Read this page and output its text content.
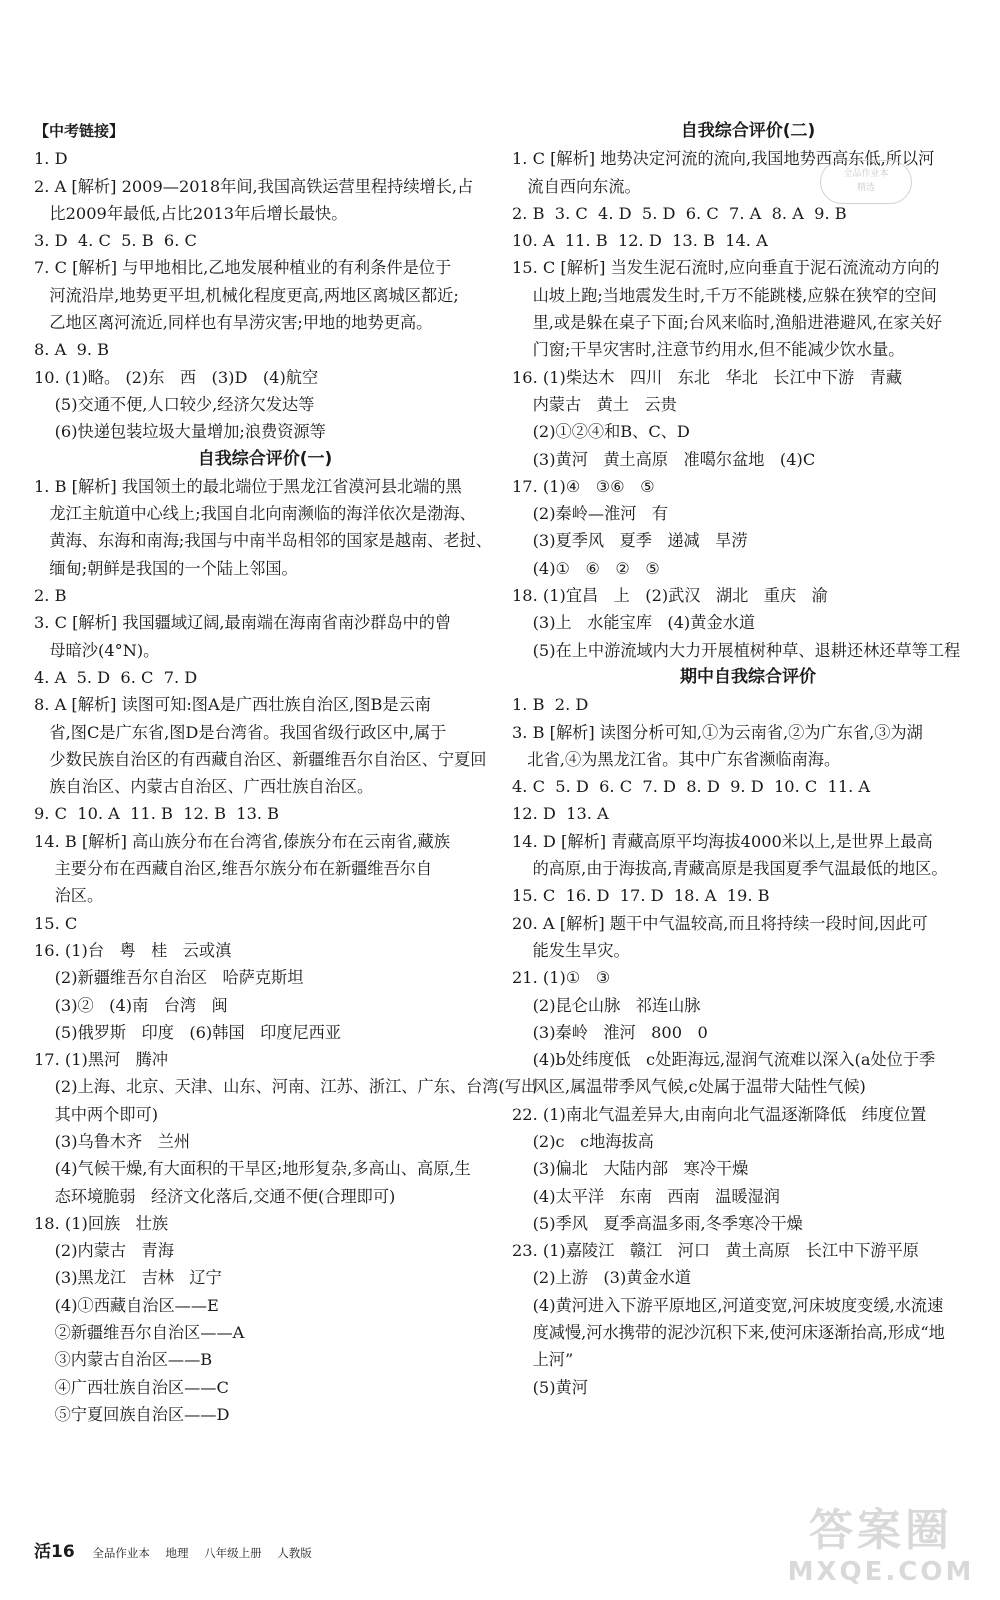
【中考链接】
1. D
2. A [解析] 2009—2018年间,我国高铁运营里程持续增长,占
比2009年最低,占比2013年后增长最快。
3. D  4. C  5. B  6. C
7. C [解析] 与甲地相比,乙地发展种植业的有利条件是位于
河流沿岸,地势更平坦,机械化程度更高,两地区离城区都近;
乙地区离河流近,同样也有旱涝灾害;甲地的地势更高。
8. A  9. B
10. (1)略。 (2)东   西   (3)D   (4)航空
(5)交通不便,人口较少,经济欠发达等
(6)快递包装垃圾大量增加;浪费资源等
自我综合评价(一)
1. B [解析] 我国领土的最北端位于黑龙江省漠河县北端的黑
龙江主航道中心线上;我国自北向南濒临的海洋依次是渤海、
黄海、东海和南海;我国与中南半岛相邻的国家是越南、老挝、
缅甸;朝鲜是我国的一个陆上邻国。
2. B
3. C [解析] 我国疆域辽阔,最南端在海南省南沙群岛中的曾
母暗沙(4°N)。
4. A  5. D  6. C  7. D
8. A [解析] 读图可知:图A是广西壮族自治区,图B是云南
省,图C是广东省,图D是台湾省。我国省级行政区中,属于
少数民族自治区的有西藏自治区、新疆维吾尔自治区、宁夏回
族自治区、内蒙古自治区、广西壮族自治区。
9. C  10. A  11. B  12. B  13. B
14. B [解析] 高山族分布在台湾省,傣族分布在云南省,藏族
主要分布在西藏自治区,维吾尔族分布在新疆维吾尔自
治区。
15. C
16. (1)台   粤   桂   云或滇
(2)新疆维吾尔自治区   哈萨克斯坦
(3)②   (4)南   台湾   闽
(5)俄罗斯   印度   (6)韩国   印度尼西亚
17. (1)黑河   腾冲
(2)上海、北京、天津、山东、河南、江苏、浙江、广东、台湾(写出
其中两个即可)
(3)乌鲁木齐   兰州
(4)气候干燥,有大面积的干旱区;地形复杂,多高山、高原,生
态环境脆弱   经济文化落后,交通不便(合理即可)
18. (1)回族   壮族
(2)内蒙古   青海
(3)黑龙江   吉林   辽宁
(4)①西藏自治区——E
②新疆维吾尔自治区——A
③内蒙古自治区——B
④广西壮族自治区——C
⑤宁夏回族自治区——D
自我综合评价(二)
1. C [解析] 地势决定河流的流向,我国地势西高东低,所以河
流自西向东流。
2. B  3. C  4. D  5. D  6. C  7. A  8. A  9. B
10. A  11. B  12. D  13. B  14. A
15. C [解析] 当发生泥石流时,应向垂直于泥石流流动方向的
山坡上跑;当地震发生时,千万不能跳楼,应躲在狭窄的空间
里,或是躲在桌子下面;台风来临时,渔船进港避风,在家关好
门窗;干旱灾害时,注意节约用水,但不能减少饮水量。
16. (1)柴达木   四川   东北   华北   长江中下游   青藏
内蒙古   黄土   云贵
(2)①②④和B、C、D
(3)黄河   黄土高原   准噶尔盆地   (4)C
17. (1)④   ③⑥   ⑤
(2)秦岭—淮河   有
(3)夏季风   夏季   递减   旱涝
(4)①   ⑥   ②   ⑤
18. (1)宜昌   上   (2)武汉   湖北   重庆   渝
(3)上   水能宝库   (4)黄金水道
(5)在上中游流域内大力开展植树种草、退耕还林还草等工程
期中自我综合评价
1. B  2. D
3. B [解析] 读图分析可知,①为云南省,②为广东省,③为湖
北省,④为黑龙江省。其中广东省濒临南海。
4. C  5. D  6. C  7. D  8. D  9. D  10. C  11. A
12. D  13. A
14. D [解析] 青藏高原平均海拔4000米以上,是世界上最高
的高原,由于海拔高,青藏高原是我国夏季气温最低的地区。
15. C  16. D  17. D  18. A  19. B
20. A [解析] 题干中气温较高,而且将持续一段时间,因此可
能发生旱灾。
21. (1)①   ③
(2)昆仑山脉   祁连山脉
(3)秦岭   淮河   800   0
(4)b处纬度低   c处距海远,湿润气流难以深入(a处位于季
风区,属温带季风气候,c处属于温带大陆性气候)
22. (1)南北气温差异大,由南向北气温逐渐降低   纬度位置
(2)c   c地海拔高
(3)偏北   大陆内部   寒冷干燥
(4)太平洋   东南   西南   温暖湿润
(5)季风   夏季高温多雨,冬季寒冷干燥
23. (1)嘉陵江   赣江   河口   黄土高原   长江中下游平原
(2)上游   (3)黄金水道
(4)黄河进入下游平原地区,河道变宽,河床坡度变缓,水流速
度减慢,河水携带的泥沙沉积下来,使河床逐渐抬高,形成“地
上河”
(5)黄河
全品作业本
精选
活16 全品作业本 地理 八年级上册 人教版	答案圈
MXQE.COM
